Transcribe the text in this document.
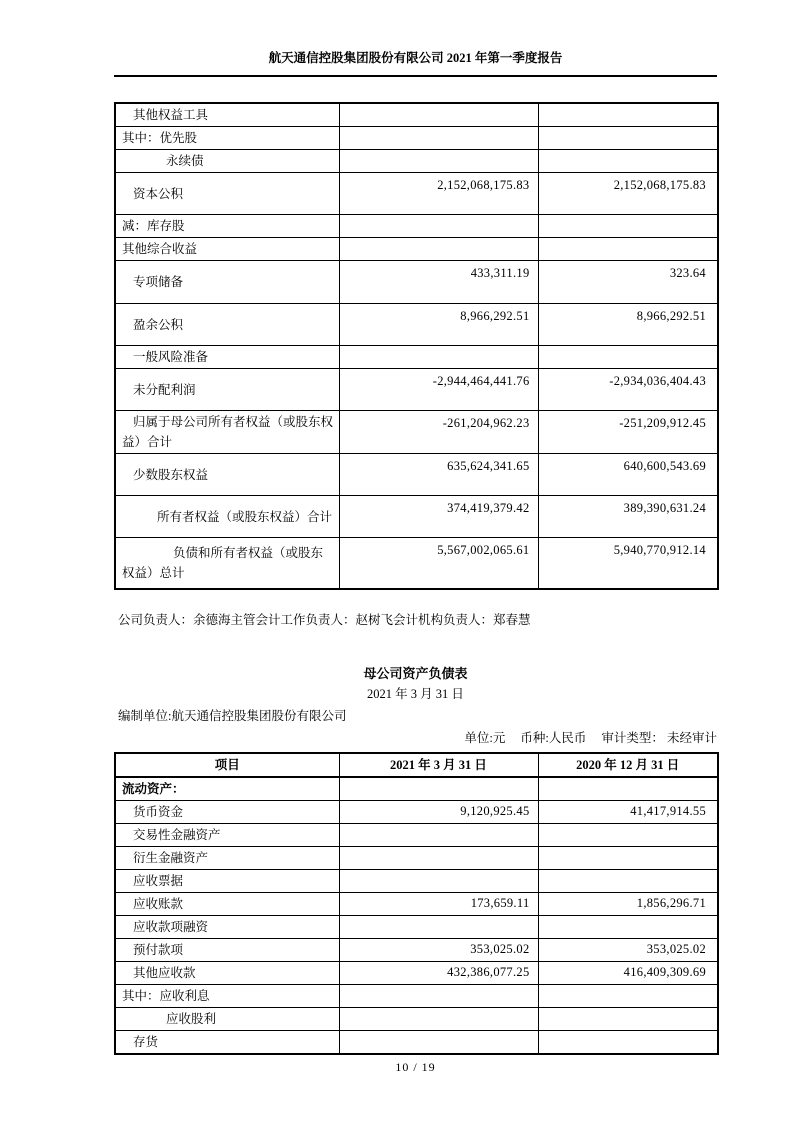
航天通信控股集团股份有限公司 2021 年第一季度报告
其他权益工具		
其中：优先股		
永续债		
资本公积	2,152,068,175.83	2,152,068,175.83
减：库存股		
其他综合收益		
专项储备	433,311.19	323.64
盈余公积	8,966,292.51	8,966,292.51
一般风险准备		
未分配利润	-2,944,464,441.76	-2,934,036,404.43
归属于母公司所有者权益（或股东权益）合计	-261,204,962.23	-251,209,912.45
少数股东权益	635,624,341.65	640,600,543.69
所有者权益（或股东权益）合计	374,419,379.42	389,390,631.24
负债和所有者权益（或股东权益）总计	5,567,002,065.61	5,940,770,912.14
公司负责人：余德海主管会计工作负责人：赵树飞会计机构负责人：郑春慧
母公司资产负债表
2021 年 3 月 31 日
编制单位:航天通信控股集团股份有限公司
单位:元 币种:人民币 审计类型： 未经审计
项目	2021 年 3 月 31 日	2020 年 12 月 31 日
流动资产：		
货币资金	9,120,925.45	41,417,914.55
交易性金融资产		
衍生金融资产		
应收票据		
应收账款	173,659.11	1,856,296.71
应收款项融资		
预付款项	353,025.02	353,025.02
其他应收款	432,386,077.25	416,409,309.69
其中：应收利息		
应收股利		
存货		
10 / 19
